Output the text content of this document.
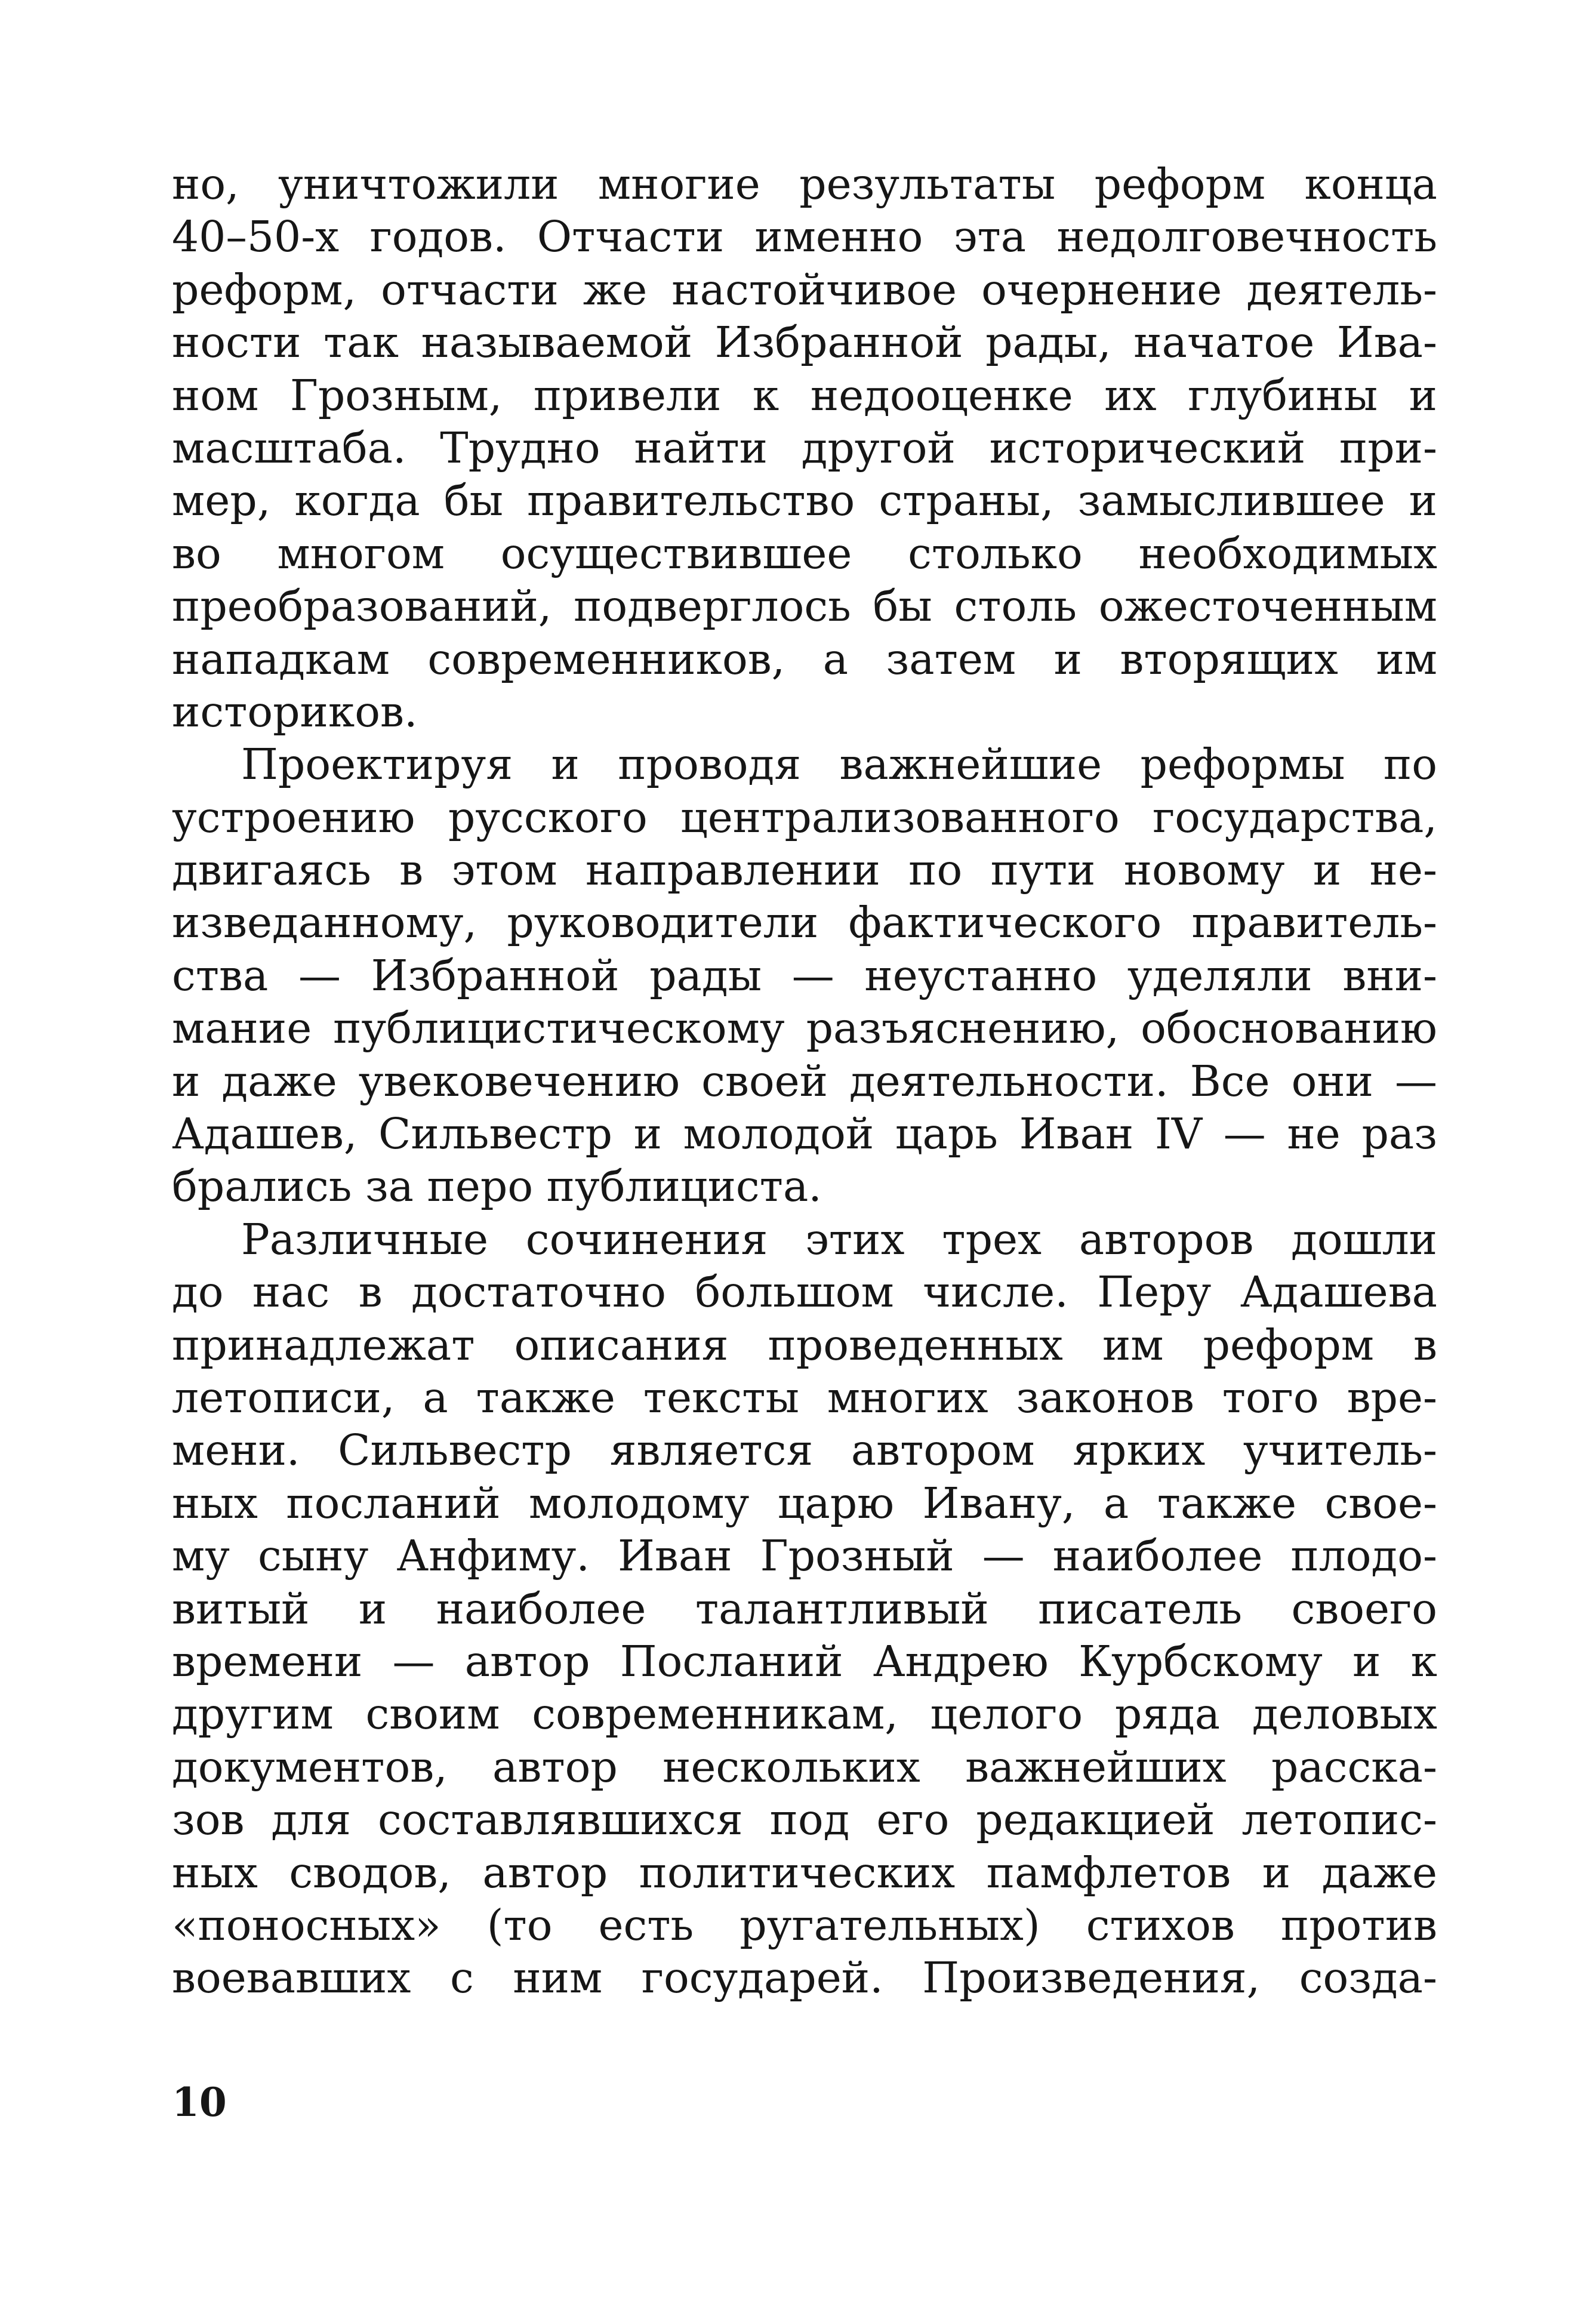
но, уничтожили многие результаты реформ конца
40–50-х годов. Отчасти именно эта недолговечность
реформ, отчасти же настойчивое очернение деятель-
ности так называемой Избранной рады, начатое Ива-
ном Грозным, привели к недооценке их глубины и
масштаба. Трудно найти другой исторический при-
мер, когда бы правительство страны, замыслившее и
во многом осуществившее столько необходимых
преобразований, подверглось бы столь ожесточенным
нападкам современников, а затем и вторящих им
историков.
Проектируя и проводя важнейшие реформы по
устроению русского централизованного государства,
двигаясь в этом направлении по пути новому и не-
изведанному, руководители фактического правитель-
ства — Избранной рады — неустанно уделяли вни-
мание публицистическому разъяснению, обоснованию
и даже увековечению своей деятельности. Все они —
Адашев, Сильвестр и молодой царь Иван IV — не раз
брались за перо публициста.
Различные сочинения этих трех авторов дошли
до нас в достаточно большом числе. Перу Адашева
принадлежат описания проведенных им реформ в
летописи, а также тексты многих законов того вре-
мени. Сильвестр является автором ярких учитель-
ных посланий молодому царю Ивану, а также свое-
му сыну Анфиму. Иван Грозный — наиболее плодо-
витый и наиболее талантливый писатель своего
времени — автор Посланий Андрею Курбскому и к
другим своим современникам, целого ряда деловых
документов, автор нескольких важнейших расска-
зов для составлявшихся под его редакцией летопис-
ных сводов, автор политических памфлетов и даже
«поносных» (то есть ругательных) стихов против
воевавших с ним государей. Произведения, созда-
10
